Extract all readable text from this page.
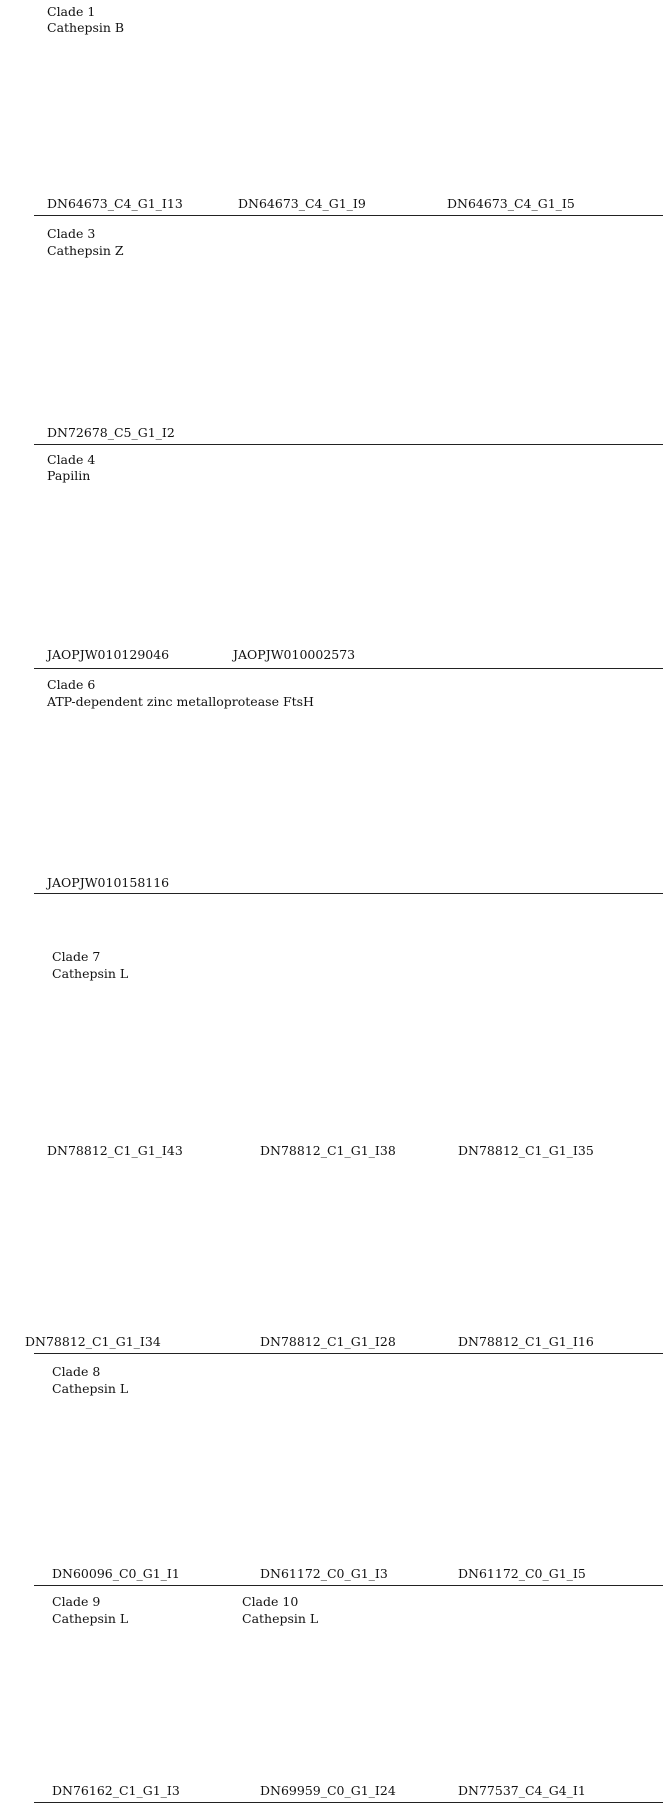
Clade 1
Cathepsin B
DN64673_C4_G1_I13	DN64673_C4_G1_I9	DN64673_C4_G1_I5
Clade 3
Cathepsin Z
DN72678_C5_G1_I2
Clade 4
Papilin
JAOPJW010129046	JAOPJW010002573
Clade 6
ATP-dependent zinc metalloprotease FtsH
JAOPJW010158116
Clade 7
Cathepsin L
DN78812_C1_G1_I43	DN78812_C1_G1_I38	DN78812_C1_G1_I35
DN78812_C1_G1_I34	DN78812_C1_G1_I28	DN78812_C1_G1_I16
Clade 8
Cathepsin L
DN60096_C0_G1_I1	DN61172_C0_G1_I3	DN61172_C0_G1_I5
Clade 9
Cathepsin L
Clade 10
Cathepsin L
DN76162_C1_G1_I3	DN69959_C0_G1_I24	DN77537_C4_G4_I1
